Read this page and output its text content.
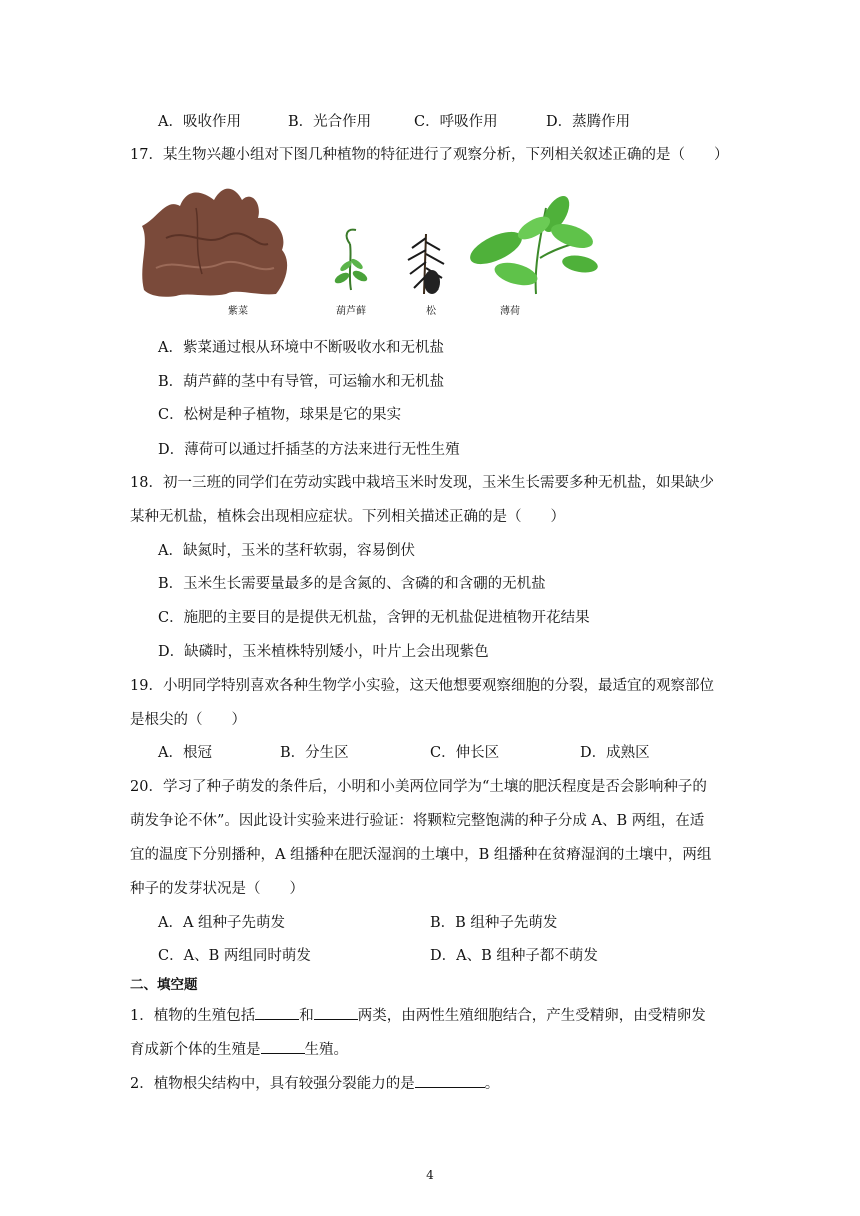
A．吸收作用	B．光合作用	C．呼吸作用	D．蒸腾作用
17．某生物兴趣小组对下图几种植物的特征进行了观察分析，下列相关叙述正确的是（　　）
紫菜	葫芦藓	松	薄荷
A．紫菜通过根从环境中不断吸收水和无机盐
B．葫芦藓的茎中有导管，可运输水和无机盐
C．松树是种子植物，球果是它的果实
D．薄荷可以通过扦插茎的方法来进行无性生殖
18．初一三班的同学们在劳动实践中栽培玉米时发现，玉米生长需要多种无机盐，如果缺少
某种无机盐，植株会出现相应症状。下列相关描述正确的是（　　）
A．缺氮时，玉米的茎秆软弱，容易倒伏
B．玉米生长需要量最多的是含氮的、含磷的和含硼的无机盐
C．施肥的主要目的是提供无机盐，含钾的无机盐促进植物开花结果
D．缺磷时，玉米植株特别矮小，叶片上会出现紫色
19．小明同学特别喜欢各种生物学小实验，这天他想要观察细胞的分裂，最适宜的观察部位
是根尖的（　　）
A．根冠	B．分生区	C．伸长区	D．成熟区
20．学习了种子萌发的条件后，小明和小美两位同学为“土壤的肥沃程度是否会影响种子的
萌发争论不休”。因此设计实验来进行验证：将颗粒完整饱满的种子分成 A、B 两组，在适
宜的温度下分别播种，A 组播种在肥沃湿润的土壤中，B 组播种在贫瘠湿润的土壤中，两组
种子的发芽状况是（　　）
A．A 组种子先萌发	B．B 组种子先萌发
C．A、B 两组同时萌发	D．A、B 组种子都不萌发
二、填空题
1．植物的生殖包括	和	两类，由两性生殖细胞结合，产生受精卵，由受精卵发
育成新个体的生殖是	生殖。
2．植物根尖结构中，具有较强分裂能力的是	。
4
